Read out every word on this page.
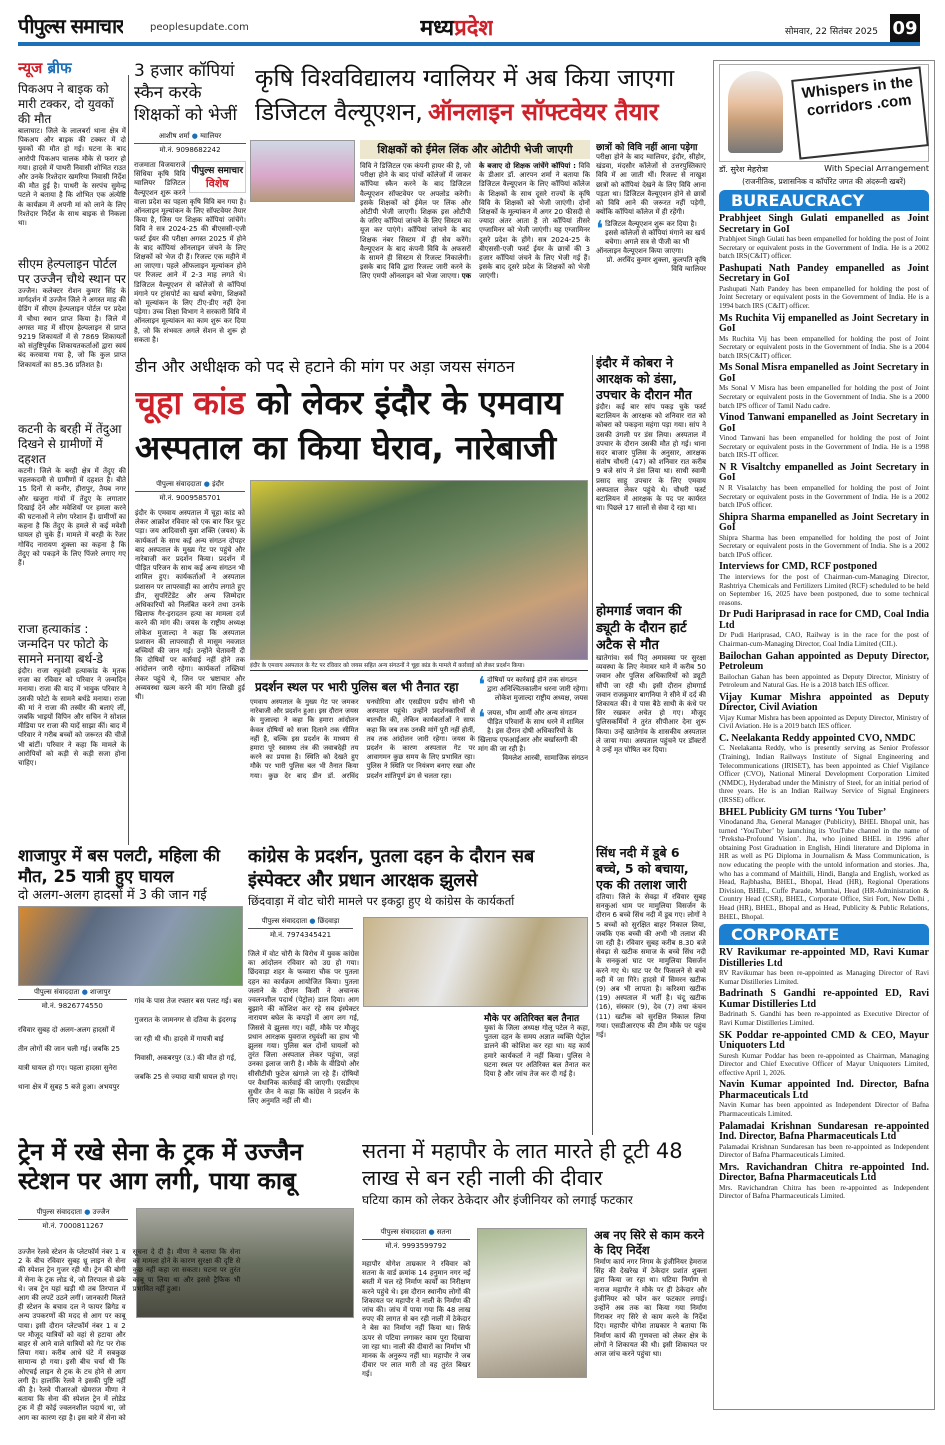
पीपुल्स समाचार	peoplesupdate.com	मध्यप्रदेश	सोमवार, 22 सितंबर 2025 09
न्यूज ब्रीफ
पिकअप ने बाइक को मारी टक्कर, दो युवकों की मौत
बालाघाट। जिले के लालबर्रा थाना क्षेत्र में पिकअप और बाइक की टक्कर में दो युवकों की मौत हो गई। घटना के बाद आरोपी पिकअप चालक मौके से फरार हो गया। हादसे में पाथरी निवासी शोभित राउत और उनके रिश्तेदार खमरिया निवासी निर्देश की मौत हुई है। पाथरी के सरपंच सुमेन्द्र पटले ने बताया है कि शोभित एक अंत्येष्टि के कार्यक्रम में अपनी मां को लाने के लिए रिश्तेदार निर्देश के साथ बाइक से निकला था।
सीएम हेल्पलाइन पोर्टल पर उज्जैन चौथे स्थान पर
उज्जैन। कलेक्टर रोशन कुमार सिंह के मार्गदर्शन में उज्जैन जिले ने अगस्त माह की ग्रेडिंग में सीएम हेल्पलाइन पोर्टल पर प्रदेश में चौथा स्थान प्राप्त किया है। जिले में अगस्त माह में सीएम हेल्पलाइन से प्राप्त 9219 शिकायतों में से 7869 शिकायतों को संतुष्टिपूर्वक शिकायतकर्ताओं द्वारा स्वयं बंद करवाया गया है, जो कि कुल प्राप्त शिकायतों का 85.36 प्रतिशत है।
कटनी के बरही में तेंदुआ दिखने से ग्रामीणों में दहशत
कटनी। जिले के बरही क्षेत्र में तेंदुए की चहलकदमी से ग्रामीणों में दहशत है। बीते 15 दिनों से कनौर, हीरापुर, तैयब नगर और खजुरा गांवों में तेंदुए के लगातार दिखाई देने और मवेशियों पर हमला करने की घटनाओं ने लोग परेशान हैं। ग्रामीणों का कहना है कि तेंदुए के हमले से कई मवेशी घायल हो चुके हैं। मामले में बरही के रेंजर गोविंद नारायण शुक्ला का कहना है कि तेंदुए को पकड़ने के लिए पिंजरे लगाए गए हैं।
राजा हत्याकांड : जन्मदिन पर फोटो के सामने मनाया बर्थ-डे
इंदौर। राजा रघुवंशी हत्याकांड के मृतक राजा का रविवार को परिवार ने जन्मदिन मनाया। राजा की याद में भावुक परिवार ने उसकी फोटो के सामने बर्थडे मनाया। राजा की मां ने राजा की तस्वीर की बलाएं लीं, जबकि भाइयों विपिन और सचिन ने सोशल मीडिया पर राजा की यादें साझा कीं। बाद में परिवार ने गरीब बच्चों को जरूरत की चीजें भी बांटीं। परिवार ने कहा कि मामले के आरोपियों को कड़ी से कड़ी सजा होना चाहिए।
3 हजार कॉपियां स्कैन करके शिक्षकों को भेजीं
आशीष शर्मा ● ग्वालियर
मो.नं. 9098682242
पीपुल्स समाचार
विशेष
राजमाता विजयाराजे सिंधिया कृषि विवि ग्वालियर डिजिटल वैल्यूएशन शुरू करने वाला प्रदेश का पहला कृषि विवि बन गया है। ऑनलाइन मूल्यांकन के लिए सॉफ्टवेयर तैयार किया है, जिस पर शिक्षक कॉपियां जांचेंगे। विवि ने सत्र 2024-25 की बीएससी-एजी फर्स्ट ईयर की परीक्षा अगस्त 2025 में होने के बाद कॉपियां ऑनलाइन जंचने के लिए शिक्षकों को भेज दी हैं। रिजल्ट एक महीने में आ जाएगा। पहले ऑफलाइन मूल्यांकन होने पर रिजल्ट आने में 2-3 माह लगते थे। डिजिटल वैल्यूएशन से कॉलेजों से कॉपियां मंगाने पर ट्रांसपोर्ट का खर्चा बचेगा, शिक्षकों को मूल्यांकन के लिए टीए-डीए नहीं देना पड़ेगा। उच्च शिक्षा विभाग ने सरकारी विवि में ऑनलाइन मूल्यांकन का काम शुरू कर दिया है, जो कि संभवतः अगले सेशन से शुरू हो सकता है।
कृषि विश्वविद्यालय ग्वालियर में अब किया जाएगा डिजिटल वैल्यूएशन, ऑनलाइन सॉफ्टवेयर तैयार
शिक्षकों को ईमेल लिंक और ओटीपी भेजी जाएगी
विवि ने डिजिटल एक कंपनी हायर की है, जो परीक्षा होने के बाद पांचों कॉलेजों में जाकर कॉपिया स्कैन करने के बाद डिजिटल वैल्यूएशन सॉफ्टवेयर पर अपलोड करेगी। इसके शिक्षकों को ईमेल पर लिंक और ओटीपी भेजी जाएगी। शिक्षक इस ओटीपी के जरिए कॉपियां जांचने के लिए सिस्टम का यूज कर पाएंगे। कॉपियां जांचने के बाद शिक्षक नंबर सिस्टम में ही सेव करेंगे। वैल्यूएशन के बाद कंपनी विवि के अफसरों के सामने ही सिस्टम से रिजल्ट निकालेगी। इसके बाद विवि द्वारा रिजल्ट जारी करने के लिए एमपी ऑनलाइन को भेजा जाएगा। एक के बजाए दो शिक्षक जांचेंगे कॉपियां : विवि के डीआर डॉ. आरपन शर्मा ने बताया कि डिजिटल वैल्यूएशन के लिए कॉपियां कॉलेज के शिक्षकों के साथ दूसरे राज्यों के कृषि विवि के शिक्षकों को भेजी जाएंगी। दोनों शिक्षकों के मूल्यांकन में अगर 20 फीसदी से ज्यादा अंतर आता है तो कॉपियां तीसरे एग्जामिनर को भेजी जाएंगी। यह एग्जामिनर दूसरे प्रदेश के होंगे। सत्र 2024-25 के बीएससी-एजी फर्स्ट ईयर के छात्रों की 3 हजार कॉपियां जंचने के लिए भेजी गई हैं। इसके बाद दूसरे प्रदेश के शिक्षकों को भेजी जाएंगी।
छात्रों को विवि नहीं आना पड़ेगा
परीक्षा होने के बाद ग्वालियर, इंदौर, सीहोर, खंडवा, मंदसौर कॉलेजों से उत्तरपुस्तिकाएं विवि में आ जाती थीं। रिजल्ट से नाखुश छात्रों को कॉपियां देखने के लिए विवि आना पड़ता था। डिजिटल वैल्यूएशन होने से छात्रों को विवि आने की जरूरत नहीं पड़ेगी, क्योंकि कॉपियां कॉलेज में ही रहेंगी।
❛ डिजिटल वैल्यूएशन शुरू कर दिया है। इससे कॉलेजों से कॉपियां मंगाने का खर्च बचेगा। अगले सत्र से पीजी का भी ऑनलाइन वैल्यूएशन किया जाएगा।
प्रो. अरविंद कुमार शुक्ला, कुलपति कृषि विवि ग्वालियर
डीन और अधीक्षक को पद से हटाने की मांग पर अड़ा जयस संगठन
चूहा कांड को लेकर इंदौर के एमवाय अस्पताल का किया घेराव, नारेबाजी
पीपुल्स संवाददाता ● इंदौर
मो.नं. 9009585701
इंदौर के एमवाय अस्पताल में चूहा कांड को लेकर आक्रोश रविवार को एक बार फिर फूट पड़ा। जय आदिवासी युवा शक्ति (जयस) के कार्यकर्ता के साथ कई अन्य संगठन दोपहर बाद अस्पताल के मुख्य गेट पर पहुंचे और नारेबाजी कर प्रदर्शन किया। प्रदर्शन में पीड़ित परिजन के साथ कई अन्य संगठन भी शामिल हुए। कार्यकर्ताओं ने अस्पताल प्रशासन पर लापरवाही का आरोप लगाते हुए डीन, सुपरिंटेंडेंट और अन्य जिम्मेदार अधिकारियों को निलंबित करने तथा उनके खिलाफ गैर-इरादतन हत्या का मामला दर्ज करने की मांग की। जयस के राष्ट्रीय अध्यक्ष लोकेश मुजाल्दा ने कहा कि अस्पताल प्रशासन की लापरवाही से मासूम नवजात बच्चियों की जान गई। उन्होंने चेतावनी दी कि दोषियों पर कार्रवाई नहीं होने तक आंदोलन जारी रहेगा। कार्यकर्ता तख्तियां लेकर पहुंचे थे, जिन पर भ्रष्टाचार और अव्यवस्था खत्म करने की मांग लिखी हुई थी।
इंदौर के एमवाय अस्पताल के गेट पर रविवार को जयस सहित अन्य संगठनों ने चूहा कांड के मामले में कार्रवाई को लेकर प्रदर्शन किया।
प्रदर्शन स्थल पर भारी पुलिस बल भी तैनात रहा
एमवाय अस्पताल के मुख्य गेट पर जमकर नारेबाजी और प्रदर्शन हुआ। इस दौरान जयस के मुजाल्दा ने कहा कि हमारा आंदोलन केवल दोषियों को सजा दिलाने तक सीमित नहीं है, बल्कि इस प्रदर्शन के माध्यम से हमारा पूरे स्वास्थ्य तंत्र की जवाबदेही तय करने का प्रयास है। स्थिति को देखते हुए मौके पर भारी पुलिस बल भी तैनात किया गया। कुछ देर बाद डीन डॉ. अरविंद घनघोरिया और एसडीएम प्रदीप सोनी भी अस्पताल पहुंचे। उन्होंने प्रदर्शनकारियों से बातचीत की, लेकिन कार्यकर्ताओं ने साफ कहा कि जब तक उनकी मांगें पूरी नहीं होतीं, तब तक आंदोलन जारी रहेगा। जयस के प्रदर्शन के कारण अस्पताल गेट पर आवागमन कुछ समय के लिए प्रभावित रहा। पुलिस ने स्थिति पर नियंत्रण बनाए रखा और प्रदर्शन शांतिपूर्ण ढंग से चलता रहा।
❛ दोषियों पर कार्रवाई होने तक संगठन द्वारा अनिश्चितकालीन धरना जारी रहेगा।
लोकेश मुजाल्दा राष्ट्रीय अध्यक्ष, जयस
❛ जयस, भीम आर्मी और अन्य संगठन पीड़ित परिवारों के साथ धरने में शामिल है। इस दौरान दोषी अधिकारियों के खिलाफ एफआईआर और बर्खास्तगी की मांग की जा रही है।
विमलेश आरबी, सामाजिक संगठन
इंदौर में कोबरा ने आरक्षक को डंसा, उपचार के दौरान मौत
इंदौर। कई बार सांप पकड़ चुके फर्स्ट बटालियन के आरक्षक को शनिवार रात को कोबरा को पकड़ना महंगा पड़ा गया। सांप ने उसकी उंगली पर डंस लिया। अस्पताल में उपचार के दौरान उसकी मौत हो गई। थाना सदर बाजार पुलिस के अनुसार, आरक्षक संतोष चौधरी (47) को शनिवार रात करीब 9 बजे सांप ने डंस लिया था। साथी स्वामी प्रसाद साहू उपचार के लिए एमवाय अस्पताल लेकर पहुंचे थे। चौधरी फर्स्ट बटालियन में आरक्षक के पद पर कार्यरत था। पिछले 17 सालों से सेवा दे रहा था।
होमगार्ड जवान की ड्यूटी के दौरान हार्ट अटैक से मौत
खातेगांव। सर्व पितृ अमावस्या पर सुरक्षा व्यवस्था के लिए नेमावर थाने में करीब 50 जवान और पुलिस अधिकारियों को ड्यूटी सौंपी जा रही थी। इसी दौरान होमगार्ड जवान राजकुमार बागनिया ने सीने में दर्द की शिकायत की। वे पास बैठे साथी के कंधे पर सिर रखकर अचेत हो गए। मौजूद पुलिसकर्मियों ने तुरंत सीपीआर देना शुरू किया। उन्हें खातेगांव के शासकीय अस्पताल ले जाया गया। अस्पताल पहुंचने पर डॉक्टरों ने उन्हें मृत घोषित कर दिया।
शाजापुर में बस पलटी, महिला की मौत, 25 यात्री हुए घायल
दो अलग-अलग हादसों में 3 की जान गई
पीपुल्स संवाददाता ● शाजापुर
मो.नं. 9826774550
रविवार सुबह दो अलग-अलग हादसों में तीन लोगों की जान चली गई। जबकि 25 यात्री घायल हो गए। पहला हादसा सुनेरा थाना क्षेत्र में सुबह 5 बजे हुआ। अभयपुर गांव के पास तेज रफ्तार बस पलट गई। बस गुजरात के जामनगर से दतिया के इंदरगढ़ जा रही थी थी। हादसे में गायत्री बाई निवासी, अकबरपुर (उ.) की मौत हो गई, जबकि 25 से ज्यादा यात्री घायल हो गए।
कांग्रेस के प्रदर्शन, पुतला दहन के दौरान सब इंस्पेक्टर और प्रधान आरक्षक झुलसे
छिंदवाड़ा में वोट चोरी मामले पर इकट्ठा हुए थे कांग्रेस के कार्यकर्ता
पीपुल्स संवाददाता ● छिंदवाड़ा
मो.नं. 7974345421
जिले में वोट चोरी के विरोध में युवक कांग्रेस का आंदोलन रविवार को उग्र हो गया। छिंदवाड़ा शहर के फव्वारा चौक पर पुतला दहन का कार्यक्रम आयोजित किया। पुतला जलाने के दौरान किसी ने अचानक ज्वलनशील पदार्थ (पेट्रोल) डाल दिया। आग बुझाने की कोशिश कर रहे सब इंस्पेक्टर नारायण बघेल के कपड़ों में आग लग गई, जिससे वे झुलस गए। वहीं, मौके पर मौजूद प्रधान आरक्षक युवराज रघुवंशी का हाथ भी झुलस गया। पुलिस बल दोनों घायलों को तुरंत जिला अस्पताल लेकर पहुंचा, जहां उनका इलाज जारी है। मौके के वीडियो और सीसीटीवी फुटेज खंगाले जा रहे हैं। दोषियों पर वैधानिक कार्रवाई की जाएगी। एसडीएम सुधीर जैन ने कहा कि कांग्रेस ने प्रदर्शन के लिए अनुमति नहीं ली थी।
मौके पर अतिरिक्त बल तैनात
युकां के जिला अध्यक्ष गोलू पटेल ने कहा, पुतला दहन के समय अज्ञात व्यक्ति पेट्रोल डालने की कोशिश कर रहा था। यह कार्य हमारे कार्यकर्ता ने नहीं किया। पुलिस ने घटना स्थल पर अतिरिक्त बल तैनात कर दिया है और जांच तेज कर दी गई है।
सिंध नदी में डूबे 6 बच्चे, 5 को बचाया, एक की तलाश जारी
दतिया। जिले के सेवढ़ा में रविवार सुबह सनकुआं धाम पर मामुलिया विसर्जन के दौरान 6 बच्चे सिंध नदी में डूब गए। लोगों ने 5 बच्चों को सुरक्षित बाहर निकाल लिया, जबकि एक बच्ची की अभी भी तलाश की जा रही है। रविवार सुबह करीब 8.30 बजे सेवढ़ा से खटीक समाज के बच्चे सिंध नदी के सनकुआं घाट पर मामुलिया विसर्जन करने गए थे। घाट पर पैर फिसलने से बच्चे नदी में जा गिरे। हादसे में सिमरन खटीक (9) अब भी लापता है। करिश्मा खटीक (19) अस्पताल में भर्ती है। चंदू खटीक (16), संस्कार (9), देव (7) तथा कंचन (11) खटीक को सुरक्षित निकाल लिया गया। एसडीआरएफ की टीम मौके पर पहुंच गई।
ट्रेन में रखे सेना के ट्रक में उज्जैन स्टेशन पर आग लगी, पाया काबू
पीपुल्स संवाददाता ● उज्जैन
मो.नं. 7000811267
उज्जैन रेलवे स्टेशन के प्लेटफॉर्म नंबर 1 व 2 के बीच रविवार सुबह थ्रू लाइन से सेना की स्पेशल ट्रेन गुजर रही थी। ट्रेन की बोगी में सेना के ट्रक लोड थे, जो तिरपाल से ढंके थे। जब ट्रेन यहां खड़ी थी तब तिरपाल में आग की लपटें उठने लगीं। जानकारी मिलते ही स्टेशन के बचाव दल ने फायर ब्रिगेड व अन्य उपकरणों की मदद से आग पर काबू पाया। इसी दौरान प्लेटफॉर्म नंबर 1 व 2 पर मौजूद यात्रियों को वहां से हटाया और बाहर से आने वाले यात्रियों को गेट पर रोक लिया गया। करीब आधे घंटे में सबकुछ सामान्य हो गया। इसी बीच चर्चा थी कि ओएचई लाइन से ट्रक के टच होने से आग लगी है। हालांकि रेलवे ने इसकी पुष्टि नहीं की है। रेलवे पीआरओ खेमराज मीणा ने बताया कि सेना की स्पेशल ट्रेन में लोडेड ट्रक में ही कोई ज्वलनशील पदार्थ था, जो आग का कारण रहा है। इस बारे में सेना को सूचना दे दी है। मीणा ने बताया कि सेना का मामला होने के कारण सुरक्षा की दृष्टि से कुछ नहीं कहा जा सकता। घटना पर तुरंत काबू पा लिया था और इससे ट्रैफिक भी प्रभावित नहीं हुआ।
सतना में महापौर के लात मारते ही टूटी 48 लाख से बन रही नाली की दीवार
घटिया काम को लेकर ठेकेदार और इंजीनियर को लगाई फटकार
पीपुल्स संवाददाता ● सतना
मो.नं. 9993599792
महापौर योगेश ताम्रकार ने रविवार को सतना के वार्ड क्रमांक 14 हनुमान नगर नई बस्ती में चल रहे निर्माण कार्यों का निरीक्षण करने पहुंचे थे। इस दौरान स्थानीय लोगों की शिकायत पर महापौर ने नाली के निर्माण की जांच की। जांच में पाया गया कि 48 लाख रुपए की लागत से बन रही नाली में ठेकेदार ने बेस का निर्माण नहीं किया था। सिर्फ ऊपर से पटिया लगाकर काम पूरा दिखाया जा रहा था। नाली की दीवारों का निर्माण भी मानक के अनुरूप नहीं था। महापौर ने जब दीवार पर लात मारी तो वह तुरंत बिखर गई।
अब नए सिरे से काम करने के दिए निर्देश
निर्माण कार्य नगर निगम के इंजीनियर हेमराज सिंह की देखरेख में ठेकेदार प्रशांत शुक्ला द्वारा किया जा रहा था। घटिया निर्माण से नाराज महापौर ने मौके पर ही ठेकेदार और इंजीनियर को फोन कर फटकार लगाई। उन्होंने अब तक का किया गया निर्माण गिराकर नए सिरे से काम करने के निर्देश दिए। महापौर योगेश ताम्रकार ने बताया कि निर्माण कार्य की गुणवत्ता को लेकर क्षेत्र के लोगों ने शिकायत की थी। इसी शिकायत पर आज जांच करने पहुंचा था।
Whispers in the corridors .com
डॉ. सुरेश मेहरोत्रा	With Special Arrangement
(राजनीतिक, प्रशासनिक व कॉर्पोरेट जगत की अंदरूनी खबरें)
BUREAUCRACY
Prabhjeet Singh Gulati empanelled as Joint Secretary in GoI

Prabhjeet Singh Gulati has been empanelled for holding the post of Joint Secretary or equivalent posts in the Government of India. He is a 2002 batch IRS(C&IT) officer.

Pashupati Nath Pandey empanelled as Joint Secretary in GoI

Pashupati Nath Pandey has been empanelled for holding the post of Joint Secretary or equivalent posts in the Government of India. He is a 1994 batch IRS (C&IT) officer.

Ms Ruchita Vij empanelled as Joint Secretary in GoI

Ms Ruchita Vij has been empanelled for holding the post of Joint Secretary or equivalent posts in the Government of India. She is a 2004 batch IRS(C&IT) officer.

Ms Sonal Misra empanelled as Joint Secretary in GoI

Ms Sonal V Misra has been empanelled for holding the post of Joint Secretary or equivalent posts in the Government of India. She is a 2000 batch IPS officer of Tamil Nadu cadre.

Vinod Tanwani empanelled as Joint Secretary in GoI

Vinod Tanwani has been empanelled for holding the post of Joint Secretary or equivalent posts in the Government of India. He is a 1998 batch IRS-IT officer.

N R Visaltchy empanelled as Joint Secretary in GoI

N R Visalatchy has been empanelled for holding the post of Joint Secretary or equivalent posts in the Government of India. He is a 2002 batch IPoS officer.

Shipra Sharma empanelled as Joint Secretary in GoI

Shipra Sharma has been empanelled for holding the post of Joint Secretary or equivalent posts in the Government of India. She is a 2002 batch IPoS officer.

Interviews for CMD, RCF postponed

The interviews for the post of Chairman-cum-Managing Director, Rashtriya Chemicals and Fertilizers Limited (RCF) scheduled to be held on September 16, 2025 have been postponed, due to some technical reasons.

Dr Pudi Hariprasad in race for CMD, Coal India Ltd

Dr Pudi Hariprasad, CAO, Railway is in the race for the post of Chairman-cum-Managing Director, Coal India Limited (CIL).

Bailochan Gahan appointed as Deputy Director, Petroleum

Bailochan Gahan has been appointed as Deputy Director, Ministry of Petroleum and Natural Gas. He is a 2018 batch IES officer.

Vijay Kumar Mishra appointed as Deputy Director, Civil Aviation

Vijay Kumar Mishra has been appointed as Deputy Director, Ministry of Civil Aviation. He is a 2019 batch IES officer.

C. Neelakanta Reddy appointed CVO, NMDC

C. Neelakanta Reddy, who is presently serving as Senior Professor (Training), Indian Railways Institute of Signal Engineering and Telecommunications (IRISET), has been appointed as Chief Vigilance Officer (CVO), National Mineral Development Corporation Limited (NMDC), Hyderabad under the Ministry of Steel, for an initial period of three years. He is an Indian Railway Service of Signal Engineers (IRSSE) officer.

BHEL Publicity GM turns ‘You Tuber’

Vinodanand Jha, General Manager (Publicity), BHEL Bhopal unit, has turned ‘YouTuber’ by launching its YouTube channel in the name of ‘Preksha-Profound Vision’. Jha, who joined BHEL in 1996 after obtaining Post Graduation in English, Hindi literature and Diploma in HR as well as PG Diploma in Journalism & Mass Communication, is now educating the people with the untold information and stories. Jha, who has a command of Maithili, Hindi, Bangla and English, worked as Head, Rajbhasha, BHEL, Bhopal, Head (HR), Regional Operations Division, BHEL, Cuffe Parade, Mumbai, Head (HR-Administration & Country Head (CSR), BHEL, Corporate Office, Siri Fort, New Delhi , Head (HR), BHEL, Bhopal and as Head, Publicity & Public Relations, BHEL, Bhopal.

CORPORATE
RV Ravikumar re-appointed MD, Ravi Kumar Distilleries Ltd

RV Ravikumar has been re-appointed as Managing Director of Ravi Kumar Distilleries Limited.

Badrinath S Gandhi re-appointed ED, Ravi Kumar Distilleries Ltd

Badrinath S. Gandhi has been re-appointed as Executive Director of Ravi Kumar Distilleries Limited.

SK Poddar re-appointed CMD & CEO, Mayur Uniquoters Ltd

Suresh Kumar Poddar has been re-appointed as Chairman, Managing Director and Chief Executive Officer of Mayur Uniquoters Limited, effective April 1, 2026.

Navin Kumar appointed Ind. Director, Bafna Pharmaceuticals Ltd

Navin Kumar has been appointed as Independent Director of Bafna Pharmaceuticals Limited.

Palamadai Krishnan Sundaresan re-appointed Ind. Director, Bafna Pharmaceuticals Ltd

Palamadai Krishnan Sundaresan has been re-appointed as Independent Director of Bafna Pharmaceuticals Limited.

Mrs. Ravichandran Chitra re-appointed Ind. Director, Bafna Pharmaceuticals Ltd

Mrs. Ravichandran Chitra has been re-appointed as Independent Director of Bafna Pharmaceuticals Limited.
